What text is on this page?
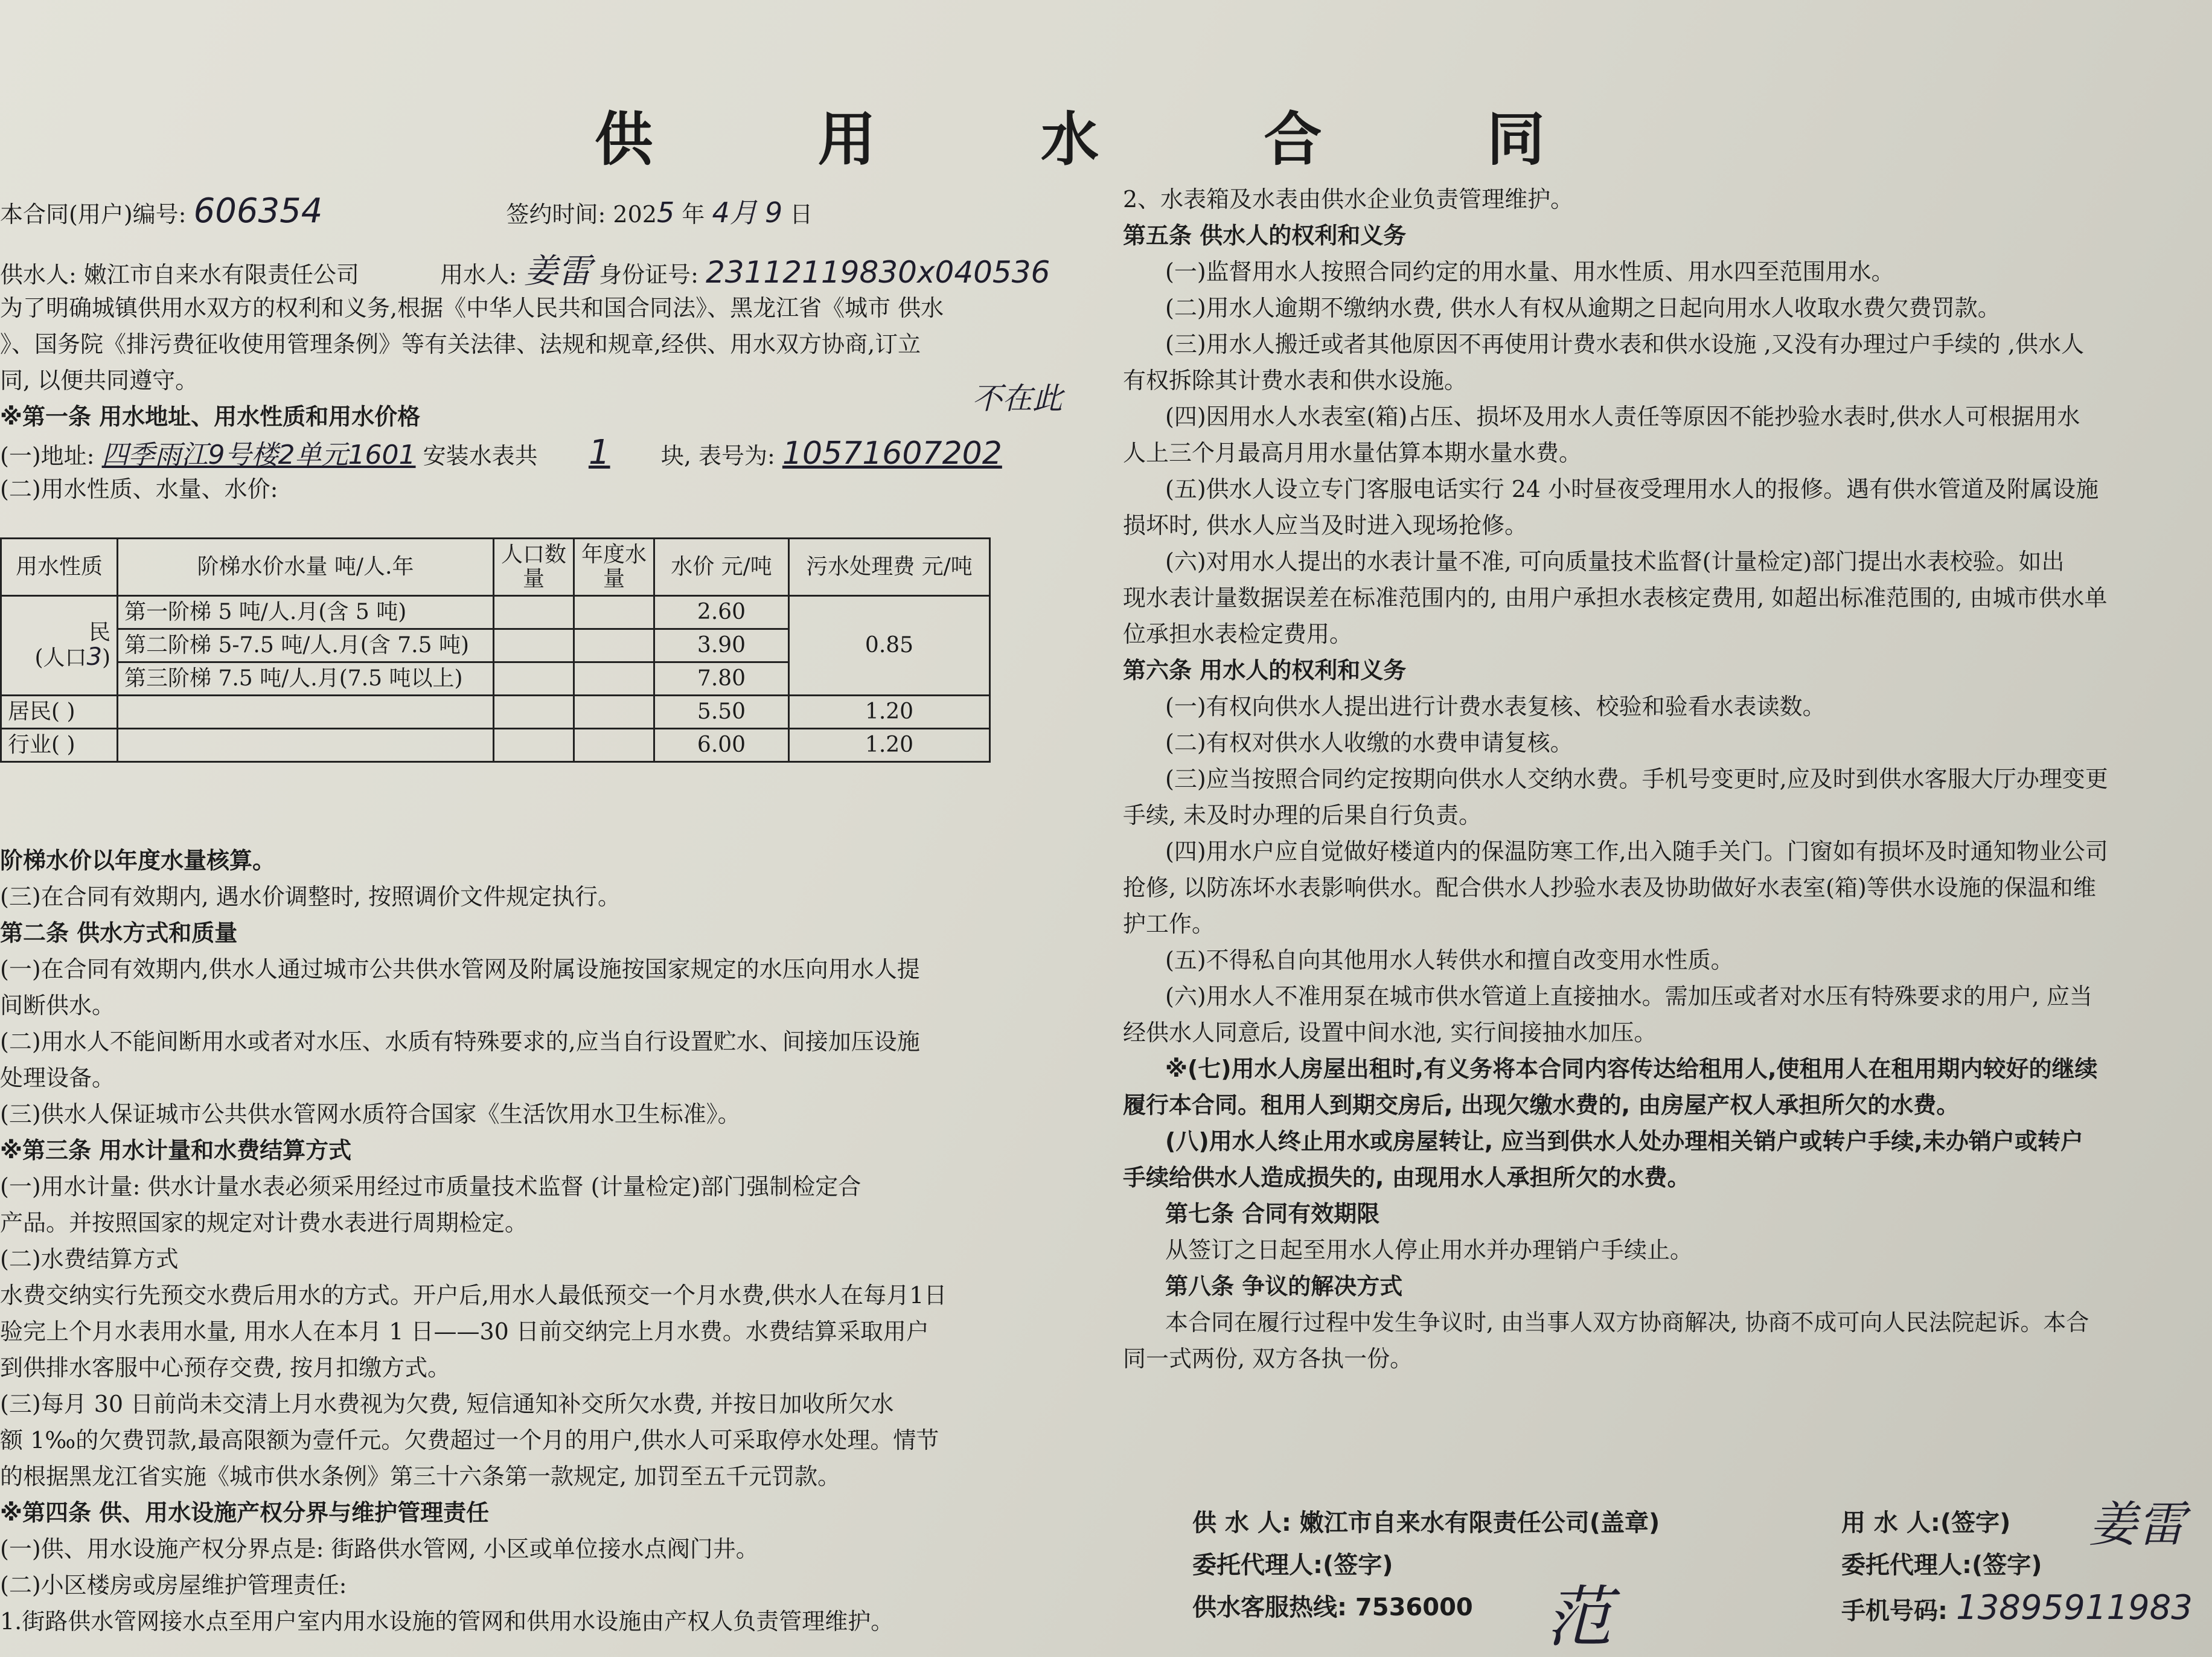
供 用 水 合 同
本合同(用户)编号: 606354	签约时间: 2025 年 4月 9 日
供水人: 嫩江市自来水有限责任公司	用水人: 姜雷 身份证号: 23112119830x040536
为了明确城镇供用水双方的权利和义务,根据《中华人民共和国合同法》、黑龙江省《城市 供水
》、国务院《排污费征收使用管理条例》等有关法律、法规和规章,经供、用水双方协商,订立
同, 以便共同遵守。
※第一条 用水地址、用水性质和用水价格
(一)地址: 四季雨江9号楼2单元1601 安装水表共 1 块, 表号为: 10571607202
(二)用水性质、水量、水价:
不在此
用水性质	阶梯水价水量 吨/人.年	人口数量	年度水量	水价 元/吨	污水处理费 元/吨

民
(人口3)	第一阶梯 5 吨/人.月(含 5 吨)			2.60	0.85
	第二阶梯 5-7.5 吨/人.月(含 7.5 吨)			3.90	
	第三阶梯 7.5 吨/人.月(7.5 吨以上)			7.80	
居民( )				5.50	1.20
行业( )				6.00	1.20
阶梯水价以年度水量核算。
(三)在合同有效期内, 遇水价调整时, 按照调价文件规定执行。
第二条 供水方式和质量
(一)在合同有效期内,供水人通过城市公共供水管网及附属设施按国家规定的水压向用水人提
间断供水。
(二)用水人不能间断用水或者对水压、水质有特殊要求的,应当自行设置贮水、间接加压设施
处理设备。
(三)供水人保证城市公共供水管网水质符合国家《生活饮用水卫生标准》。
※第三条 用水计量和水费结算方式
(一)用水计量: 供水计量水表必须采用经过市质量技术监督 (计量检定)部门强制检定合
产品。并按照国家的规定对计费水表进行周期检定。
(二)水费结算方式
水费交纳实行先预交水费后用水的方式。开户后,用水人最低预交一个月水费,供水人在每月1日
验完上个月水表用水量, 用水人在本月 1 日——30 日前交纳完上月水费。水费结算采取用户
到供排水客服中心预存交费, 按月扣缴方式。
(三)每月 30 日前尚未交清上月水费视为欠费, 短信通知补交所欠水费, 并按日加收所欠水
额 1‰的欠费罚款,最高限额为壹仟元。欠费超过一个月的用户,供水人可采取停水处理。情节
的根据黑龙江省实施《城市供水条例》第三十六条第一款规定, 加罚至五千元罚款。
※第四条 供、用水设施产权分界与维护管理责任
(一)供、用水设施产权分界点是: 街路供水管网, 小区或单位接水点阀门井。
(二)小区楼房或房屋维护管理责任:
1.街路供水管网接水点至用户室内用水设施的管网和供用水设施由产权人负责管理维护。
2、水表箱及水表由供水企业负责管理维护。
第五条 供水人的权利和义务
(一)监督用水人按照合同约定的用水量、用水性质、用水四至范围用水。
(二)用水人逾期不缴纳水费, 供水人有权从逾期之日起向用水人收取水费欠费罚款。
(三)用水人搬迁或者其他原因不再使用计费水表和供水设施 ,又没有办理过户手续的 ,供水人
有权拆除其计费水表和供水设施。
(四)因用水人水表室(箱)占压、损坏及用水人责任等原因不能抄验水表时,供水人可根据用水
人上三个月最高月用水量估算本期水量水费。
(五)供水人设立专门客服电话实行 24 小时昼夜受理用水人的报修。遇有供水管道及附属设施
损坏时, 供水人应当及时进入现场抢修。
(六)对用水人提出的水表计量不准, 可向质量技术监督(计量检定)部门提出水表校验。如出
现水表计量数据误差在标准范围内的, 由用户承担水表核定费用, 如超出标准范围的, 由城市供水单
位承担水表检定费用。
第六条 用水人的权利和义务
(一)有权向供水人提出进行计费水表复核、校验和验看水表读数。
(二)有权对供水人收缴的水费申请复核。
(三)应当按照合同约定按期向供水人交纳水费。手机号变更时,应及时到供水客服大厅办理变更
手续, 未及时办理的后果自行负责。
(四)用水户应自觉做好楼道内的保温防寒工作,出入随手关门。门窗如有损坏及时通知物业公司
抢修, 以防冻坏水表影响供水。配合供水人抄验水表及协助做好水表室(箱)等供水设施的保温和维
护工作。
(五)不得私自向其他用水人转供水和擅自改变用水性质。
(六)用水人不准用泵在城市供水管道上直接抽水。需加压或者对水压有特殊要求的用户, 应当
经供水人同意后, 设置中间水池, 实行间接抽水加压。
※(七)用水人房屋出租时,有义务将本合同内容传达给租用人,使租用人在租用期内较好的继续
履行本合同。租用人到期交房后, 出现欠缴水费的, 由房屋产权人承担所欠的水费。
(八)用水人终止用水或房屋转让, 应当到供水人处办理相关销户或转户手续,未办销户或转户
手续给供水人造成损失的, 由现用水人承担所欠的水费。
第七条 合同有效期限
从签订之日起至用水人停止用水并办理销户手续止。
第八条 争议的解决方式
本合同在履行过程中发生争议时, 由当事人双方协商解决, 协商不成可向人民法院起诉。本合
同一式两份, 双方各执一份。
供 水 人: 嫩江市自来水有限责任公司(盖章)
委托代理人:(签字)
供水客服热线: 7536000
用 水 人:(签字)
委托代理人:(签字)
手机号码: 13895911983
姜雷
范
